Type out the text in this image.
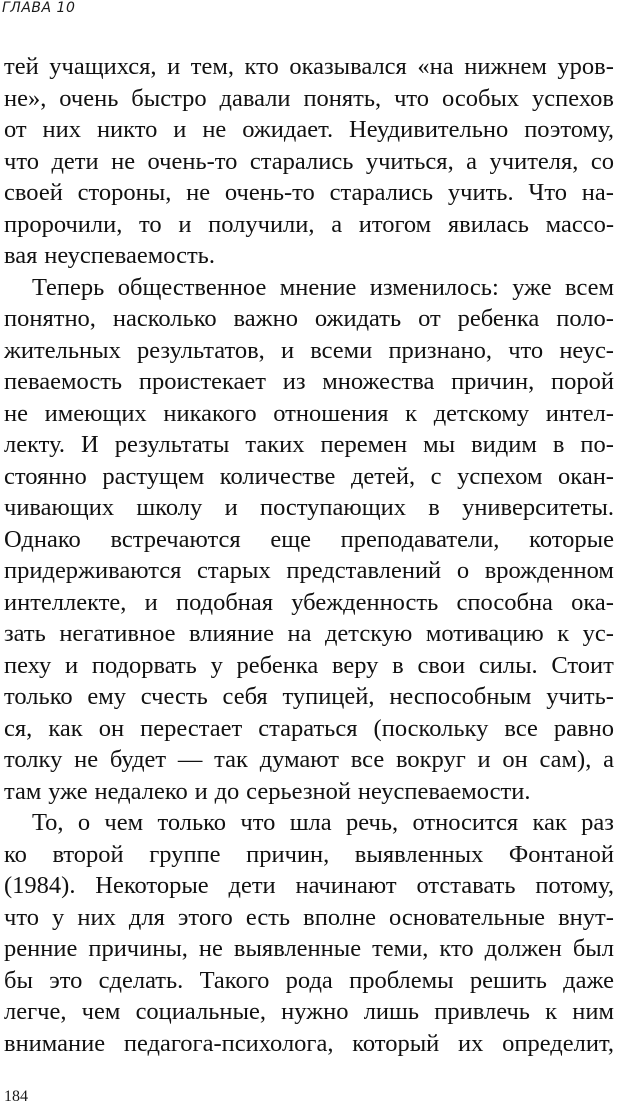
ГЛАВА 10
тей учащихся, и тем, кто оказывался «на нижнем уров-
не», очень быстро давали понять, что особых успехов
от них никто и не ожидает. Неудивительно поэтому,
что дети не очень-то старались учиться, а учителя, со
своей стороны, не очень-то старались учить. Что на-
пророчили, то и получили, а итогом явилась массо-
вая неуспеваемость.
Теперь общественное мнение изменилось: уже всем
понятно, насколько важно ожидать от ребенка поло-
жительных результатов, и всеми признано, что неус-
певаемость проистекает из множества причин, порой
не имеющих никакого отношения к детскому интел-
лекту. И результаты таких перемен мы видим в по-
стоянно растущем количестве детей, с успехом окан-
чивающих школу и поступающих в университеты.
Однако встречаются еще преподаватели, которые
придерживаются старых представлений о врожденном
интеллекте, и подобная убежденность способна ока-
зать негативное влияние на детскую мотивацию к ус-
пеху и подорвать у ребенка веру в свои силы. Стоит
только ему счесть себя тупицей, неспособным учить-
ся, как он перестает стараться (поскольку все равно
толку не будет — так думают все вокруг и он сам), а
там уже недалеко и до серьезной неуспеваемости.
То, о чем только что шла речь, относится как раз
ко второй группе причин, выявленных Фонтаной
(1984). Некоторые дети начинают отставать потому,
что у них для этого есть вполне основательные внут-
ренние причины, не выявленные теми, кто должен был
бы это сделать. Такого рода проблемы решить даже
легче, чем социальные, нужно лишь привлечь к ним
внимание педагога-психолога, который их определит,
184
